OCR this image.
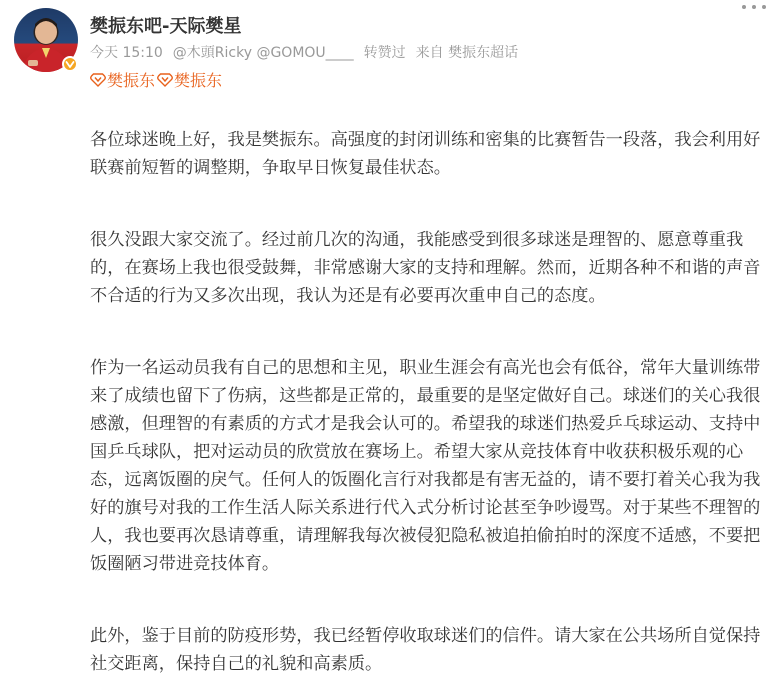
樊振东吧-天际樊星
今天 15:10 @木頭Ricky @GOMOU____ 转赞过 来自 樊振东超话
樊振东 樊振东

各位球迷晚上好，我是樊振东。高强度的封闭训练和密集的比赛暂告一段落，我会利用好联赛前短暂的调整期，争取早日恢复最佳状态。

很久没跟大家交流了。经过前几次的沟通，我能感受到很多球迷是理智的、愿意尊重我的，在赛场上我也很受鼓舞，非常感谢大家的支持和理解。然而，近期各种不和谐的声音不合适的行为又多次出现，我认为还是有必要再次重申自己的态度。

作为一名运动员我有自己的思想和主见，职业生涯会有高光也会有低谷，常年大量训练带来了成绩也留下了伤病，这些都是正常的，最重要的是坚定做好自己。球迷们的关心我很感激，但理智的有素质的方式才是我会认可的。希望我的球迷们热爱乒乓球运动、支持中国乒乓球队，把对运动员的欣赏放在赛场上。希望大家从竞技体育中收获积极乐观的心态，远离饭圈的戾气。任何人的饭圈化言行对我都是有害无益的，请不要打着关心我为我好的旗号对我的工作生活人际关系进行代入式分析讨论甚至争吵谩骂。对于某些不理智的人，我也要再次恳请尊重，请理解我每次被侵犯隐私被追拍偷拍时的深度不适感，不要把饭圈陋习带进竞技体育。

此外，鉴于目前的防疫形势，我已经暂停收取球迷们的信件。请大家在公共场所自觉保持社交距离，保持自己的礼貌和高素质。
